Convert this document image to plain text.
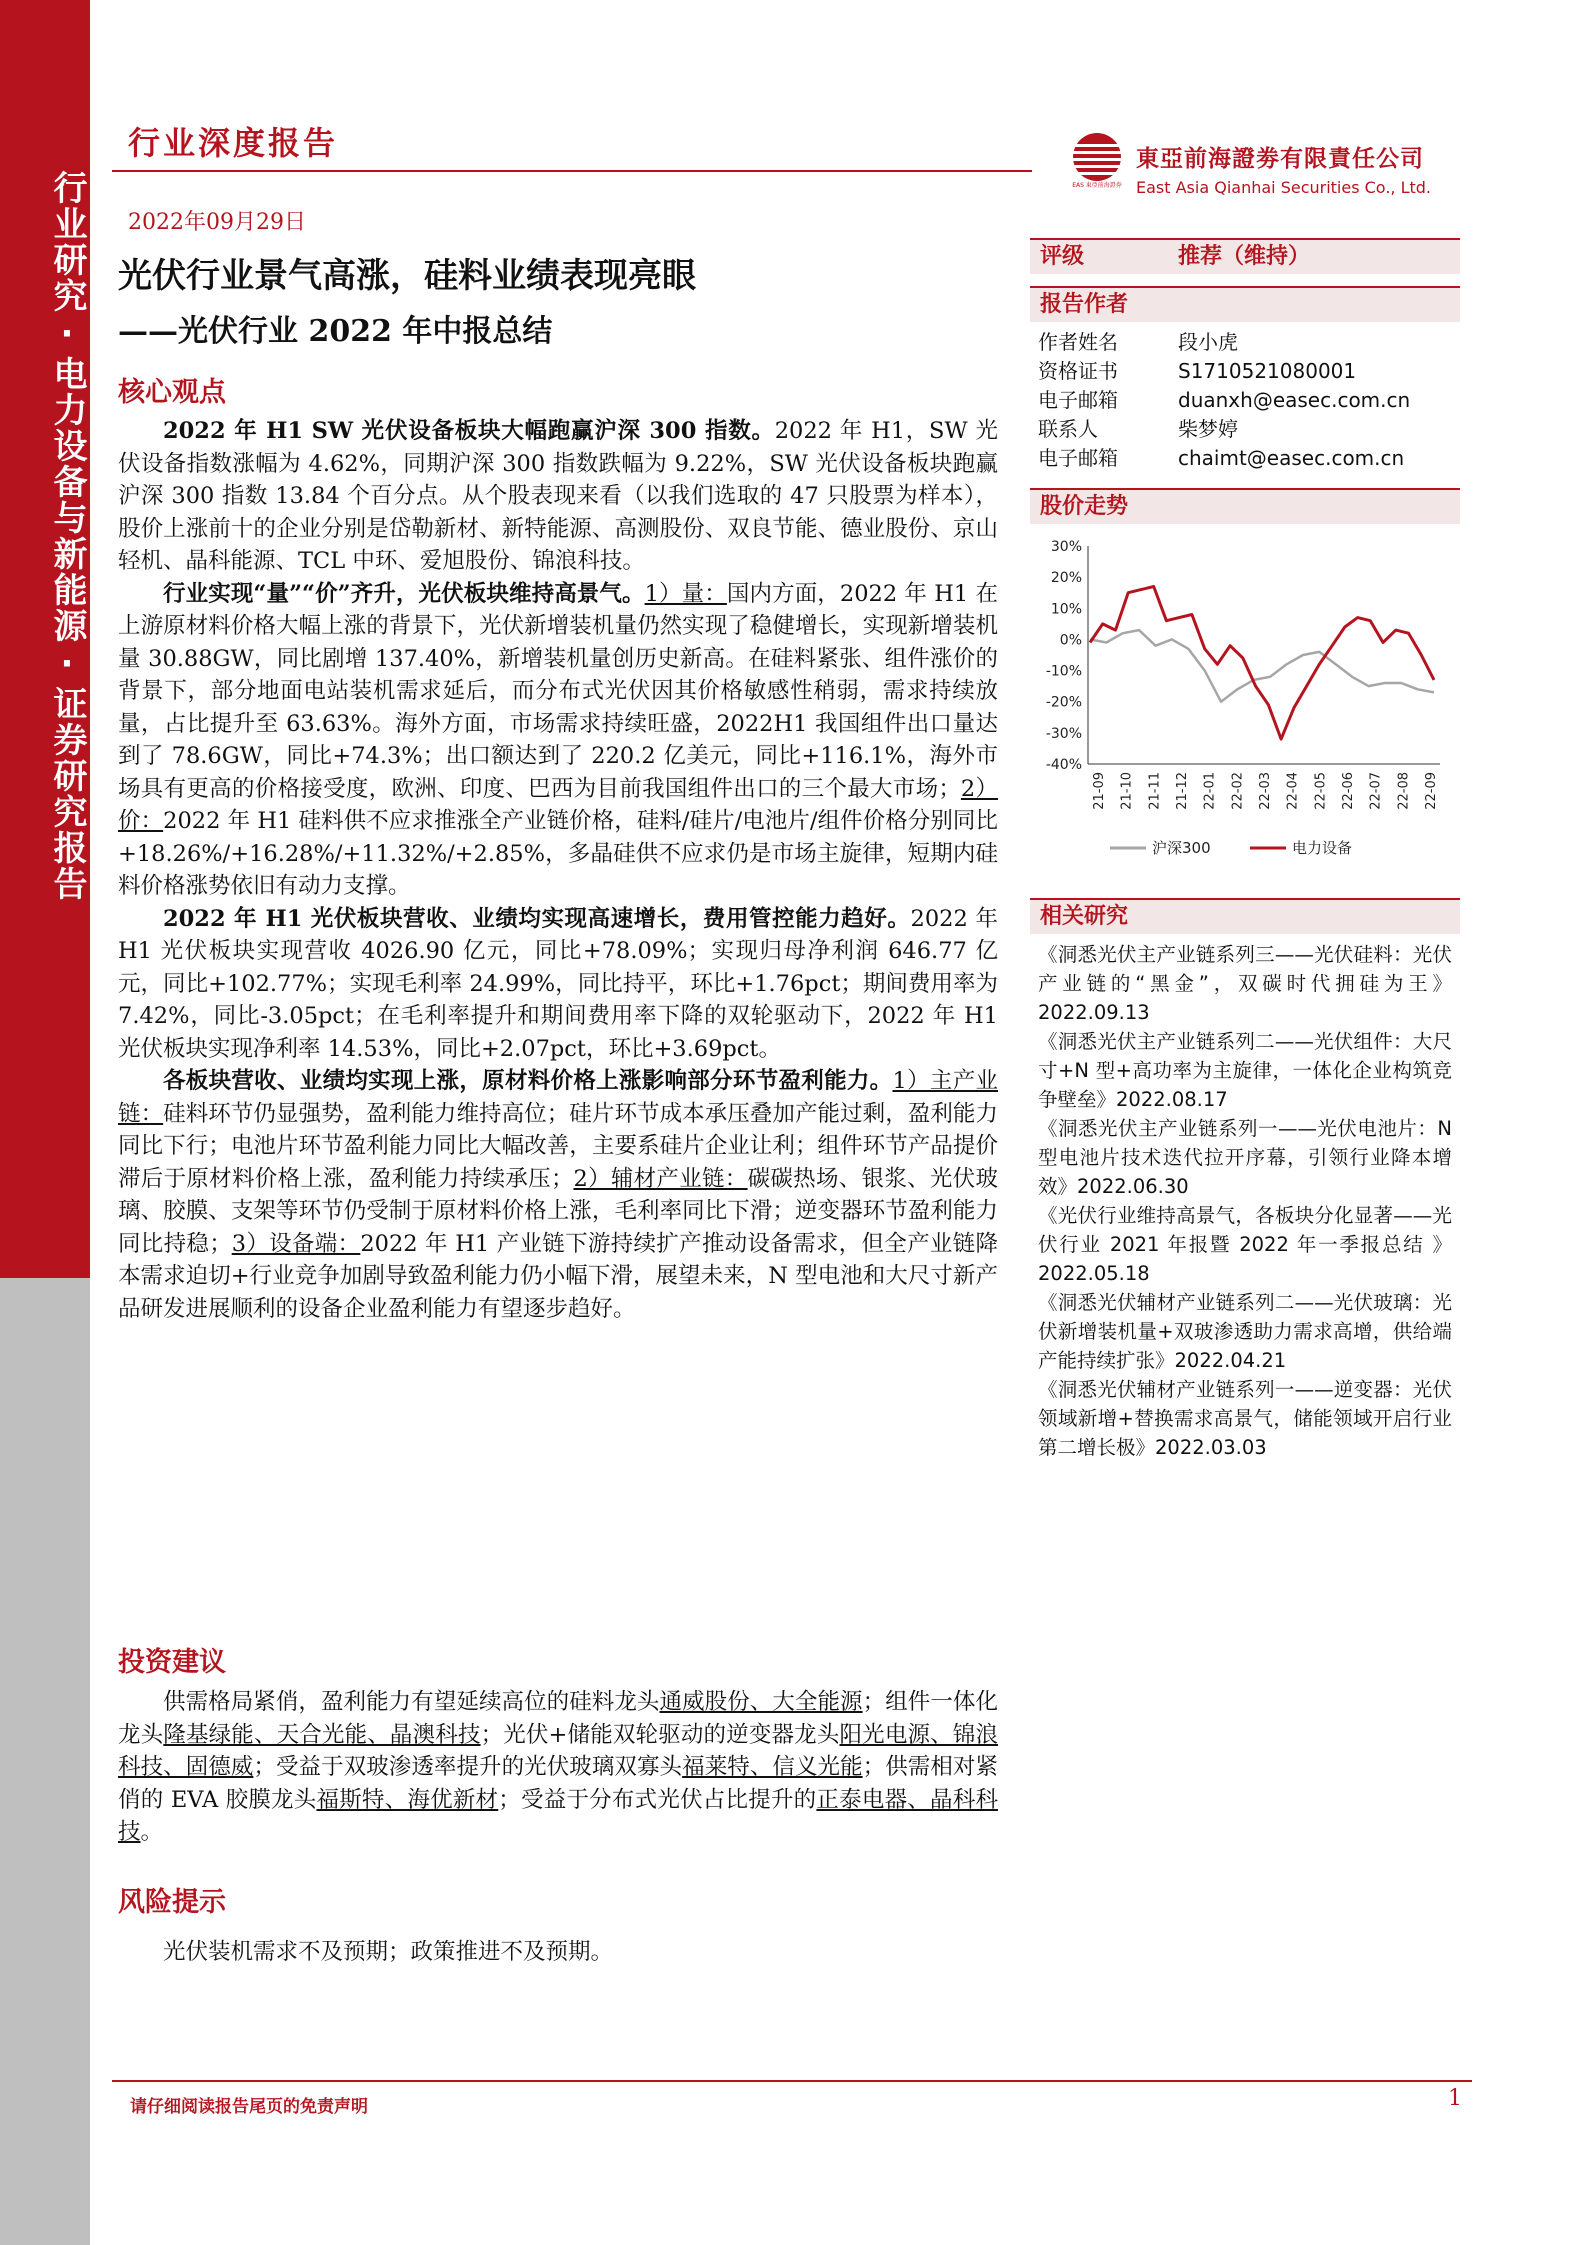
行业研究·电力设备与新能源·证券研究报告
行业深度报告
2022年09月29日
EAS 東亞前海證券
東亞前海證劵有限責任公司
East Asia Qianhai Securities Co., Ltd.
光伏行业景气高涨，硅料业绩表现亮眼
——光伏行业 2022 年中报总结
核心观点

2022 年 H1 SW 光伏设备板块大幅跑赢沪深 300 指数。2022 年 H1，SW 光伏设备指数涨幅为 4.62%，同期沪深 300 指数跌幅为 9.22%，SW 光伏设备板块跑赢沪深 300 指数 13.84 个百分点。从个股表现来看（以我们选取的 47 只股票为样本），股价上涨前十的企业分别是岱勒新材、新特能源、高测股份、双良节能、德业股份、京山轻机、晶科能源、TCL 中环、爱旭股份、锦浪科技。

行业实现“量”“价”齐升，光伏板块维持高景气。1）量：国内方面，2022 年 H1 在上游原材料价格大幅上涨的背景下，光伏新增装机量仍然实现了稳健增长，实现新增装机量 30.88GW，同比剧增 137.40%，新增装机量创历史新高。在硅料紧张、组件涨价的背景下，部分地面电站装机需求延后，而分布式光伏因其价格敏感性稍弱，需求持续放量，占比提升至 63.63%。海外方面，市场需求持续旺盛，2022H1 我国组件出口量达到了 78.6GW，同比+74.3%；出口额达到了 220.2 亿美元，同比+116.1%，海外市场具有更高的价格接受度，欧洲、印度、巴西为目前我国组件出口的三个最大市场；2）价：2022 年 H1 硅料供不应求推涨全产业链价格，硅料/硅片/电池片/组件价格分别同比+18.26%/+16.28%/+11.32%/+2.85%，多晶硅供不应求仍是市场主旋律，短期内硅料价格涨势依旧有动力支撑。

2022 年 H1 光伏板块营收、业绩均实现高速增长，费用管控能力趋好。2022 年 H1 光伏板块实现营收 4026.90 亿元，同比+78.09%；实现归母净利润 646.77 亿元，同比+102.77%；实现毛利率 24.99%，同比持平，环比+1.76pct；期间费用率为 7.42%，同比-3.05pct；在毛利率提升和期间费用率下降的双轮驱动下，2022 年 H1 光伏板块实现净利率 14.53%，同比+2.07pct，环比+3.69pct。

各板块营收、业绩均实现上涨，原材料价格上涨影响部分环节盈利能力。1）主产业链：硅料环节仍显强势，盈利能力维持高位；硅片环节成本承压叠加产能过剩，盈利能力同比下行；电池片环节盈利能力同比大幅改善，主要系硅片企业让利；组件环节产品提价滞后于原材料价格上涨，盈利能力持续承压；2）辅材产业链：碳碳热场、银浆、光伏玻璃、胶膜、支架等环节仍受制于原材料价格上涨，毛利率同比下滑；逆变器环节盈利能力同比持稳；3）设备端：2022 年 H1 产业链下游持续扩产推动设备需求，但全产业链降本需求迫切+行业竞争加剧导致盈利能力仍小幅下滑，展望未来，N 型电池和大尺寸新产品研发进展顺利的设备企业盈利能力有望逐步趋好。

投资建议

供需格局紧俏，盈利能力有望延续高位的硅料龙头通威股份、大全能源；组件一体化龙头隆基绿能、天合光能、晶澳科技；光伏+储能双轮驱动的逆变器龙头阳光电源、锦浪科技、固德威；受益于双玻渗透率提升的光伏玻璃双寡头福莱特、信义光能；供需相对紧俏的 EVA 胶膜龙头福斯特、海优新材；受益于分布式光伏占比提升的正泰电器、晶科科技。

风险提示

光伏装机需求不及预期；政策推进不及预期。

评级	推荐（维持）
报告作者
作者姓名	段小虎
资格证书	S1710521080001
电子邮箱	duanxh@easec.com.cn
联系人	柴梦婷
电子邮箱	chaimt@easec.com.cn
股价走势
30%
20%
10%
0%
-10%
-20%
-30%
-40%
21-09 21-10 21-11 21-12 22-01 22-02 22-03 22-04 22-05 22-06 22-07 22-08 22-09
沪深300	电力设备
相关研究
《洞悉光伏主产业链系列三——光伏硅料：光伏产业链的“黑金”，双碳时代拥硅为王》2022.09.13
《洞悉光伏主产业链系列二——光伏组件：大尺寸+N 型+高功率为主旋律，一体化企业构筑竞争壁垒》2022.08.17
《洞悉光伏主产业链系列一——光伏电池片：N 型电池片技术迭代拉开序幕，引领行业降本增效》2022.06.30
《光伏行业维持高景气，各板块分化显著——光伏行业 2021 年报暨 2022 年一季报总结 》2022.05.18
《洞悉光伏辅材产业链系列二——光伏玻璃：光伏新增装机量+双玻渗透助力需求高增，供给端产能持续扩张》2022.04.21
《洞悉光伏辅材产业链系列一——逆变器：光伏领域新增+替换需求高景气，储能领域开启行业第二增长极》2022.03.03
请仔细阅读报告尾页的免责声明	1
